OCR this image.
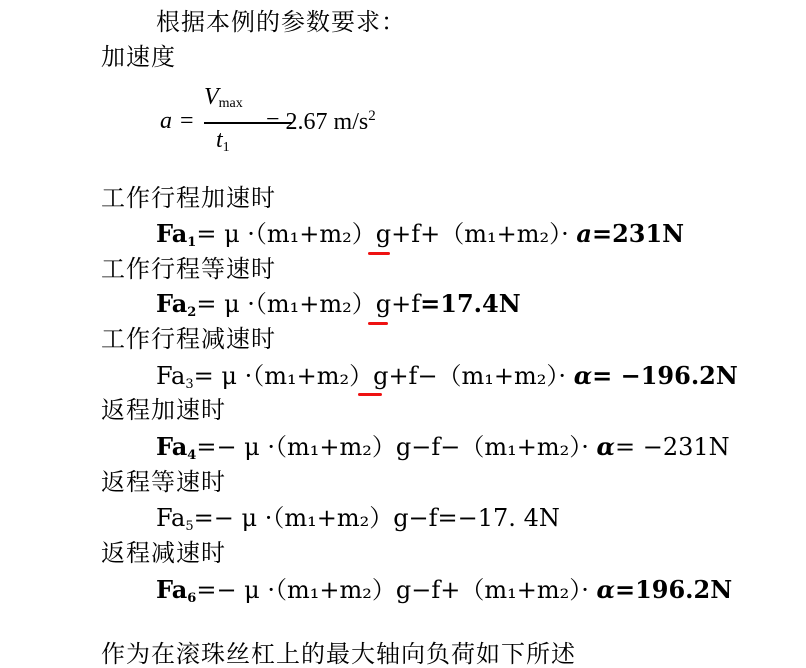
根据本例的参数要求：
加速度
a =
$V_{max}$
$t_1$
= 2.67 $m/s^2$
工作行程加速时
$Fa_1= \mu \cdot(m_1+m_2)g+f+(m_1+m_2)\cdot a=231N$
工作行程等速时
$Fa_2= \mu \cdot(m_1+m_2)g+f=17.4N$
工作行程减速时
$Fa_3= \mu \cdot(m_1+m_2)g+f-(m_1+m_2)\cdot \alpha= -196.2N$
返程加速时
$Fa_4=- \mu \cdot(m_1+m_2)g-f-(m_1+m_2)\cdot \alpha= -231N$
返程等速时
$Fa_5=- \mu \cdot(m_1+m_2)g-f=-17$. 4N
返程减速时
$Fa_6=- \mu \cdot(m_1+m_2)g-f+(m_1+m_2)\cdot \alpha=196.2N$
作为在滚珠丝杠上的最大轴向负荷如下所述
